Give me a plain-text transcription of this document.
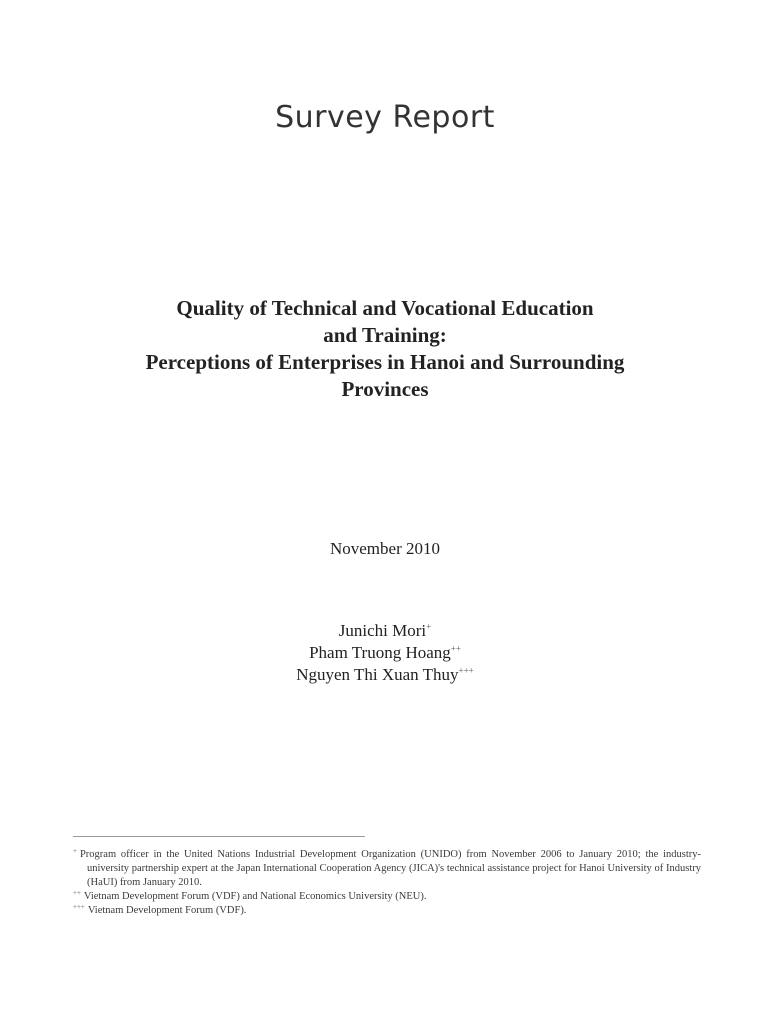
Survey Report
Quality of Technical and Vocational Education
and Training:
Perceptions of Enterprises in Hanoi and Surrounding
Provinces
November 2010
Junichi Mori+
Pham Truong Hoang++
Nguyen Thi Xuan Thuy+++

+ Program officer in the United Nations Industrial Development Organization (UNIDO) from November 2006 to January 2010; the industry-university partnership expert at the Japan International Cooperation Agency (JICA)'s technical assistance project for Hanoi University of Industry (HaUI) from January 2010.

++ Vietnam Development Forum (VDF) and National Economics University (NEU).

+++ Vietnam Development Forum (VDF).
